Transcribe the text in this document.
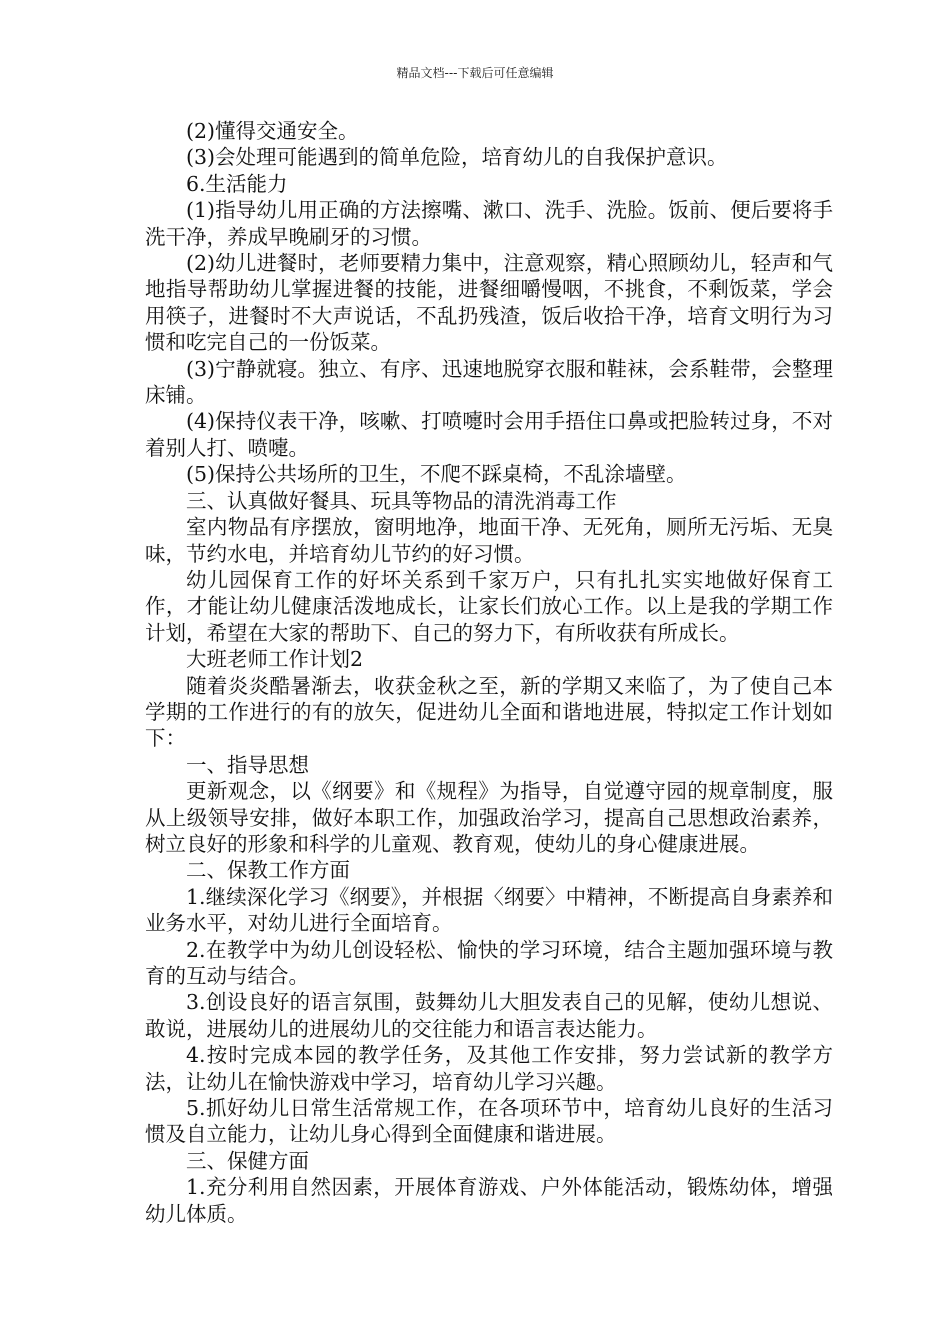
精品文档---下载后可任意编辑

(2)懂得交通安全。

(3)会处理可能遇到的简单危险，培育幼儿的自我保护意识。

6.生活能力

(1)指导幼儿用正确的方法擦嘴、漱口、洗手、洗脸。饭前、便后要将手洗干净，养成早晚刷牙的习惯。

(2)幼儿进餐时，老师要精力集中，注意观察，精心照顾幼儿，轻声和气地指导帮助幼儿掌握进餐的技能，进餐细嚼慢咽，不挑食，不剩饭菜，学会用筷子，进餐时不大声说话，不乱扔残渣，饭后收拾干净，培育文明行为习惯和吃完自己的一份饭菜。

(3)宁静就寝。独立、有序、迅速地脱穿衣服和鞋袜，会系鞋带，会整理床铺。

(4)保持仪表干净，咳嗽、打喷嚏时会用手捂住口鼻或把脸转过身，不对着别人打、喷嚏。

(5)保持公共场所的卫生，不爬不踩桌椅，不乱涂墙壁。

三、认真做好餐具、玩具等物品的清洗消毒工作

室内物品有序摆放，窗明地净，地面干净、无死角，厕所无污垢、无臭味，节约水电，并培育幼儿节约的好习惯。

幼儿园保育工作的好坏关系到千家万户，只有扎扎实实地做好保育工作，才能让幼儿健康活泼地成长，让家长们放心工作。以上是我的学期工作计划，希望在大家的帮助下、自己的努力下，有所收获有所成长。

大班老师工作计划2

随着炎炎酷暑渐去，收获金秋之至，新的学期又来临了，为了使自己本学期的工作进行的有的放矢，促进幼儿全面和谐地进展，特拟定工作计划如下：

一、指导思想

更新观念，以《纲要》和《规程》为指导，自觉遵守园的规章制度，服从上级领导安排，做好本职工作，加强政治学习，提高自己思想政治素养，树立良好的形象和科学的儿童观、教育观，使幼儿的身心健康进展。

二、保教工作方面

1.继续深化学习《纲要》，并根据〈纲要〉中精神，不断提高自身素养和业务水平，对幼儿进行全面培育。

2.在教学中为幼儿创设轻松、愉快的学习环境，结合主题加强环境与教育的互动与结合。

3.创设良好的语言氛围，鼓舞幼儿大胆发表自己的见解，使幼儿想说、敢说，进展幼儿的进展幼儿的交往能力和语言表达能力。

4.按时完成本园的教学任务，及其他工作安排，努力尝试新的教学方法，让幼儿在愉快游戏中学习，培育幼儿学习兴趣。

5.抓好幼儿日常生活常规工作，在各项环节中，培育幼儿良好的生活习惯及自立能力，让幼儿身心得到全面健康和谐进展。

三、保健方面

1.充分利用自然因素，开展体育游戏、户外体能活动，锻炼幼体，增强幼儿体质。
